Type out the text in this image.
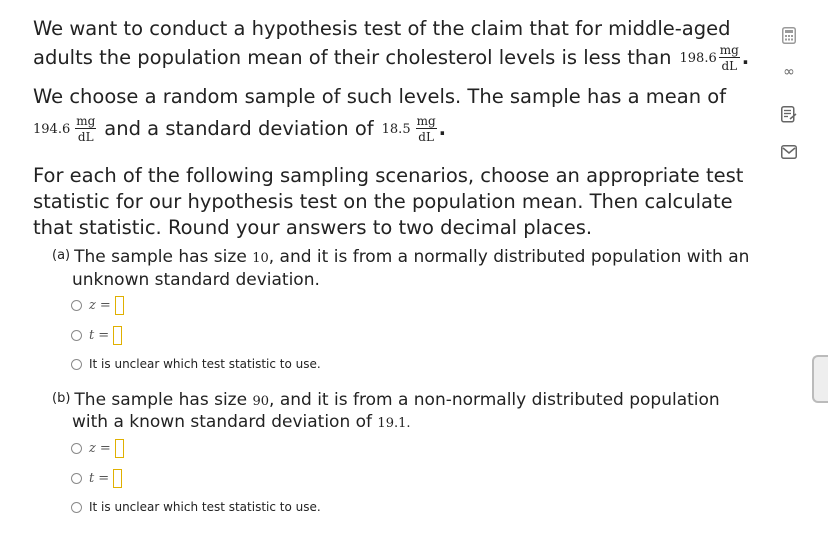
We want to conduct a hypothesis test of the claim that for middle-aged
adults the population mean of their cholesterol levels is less than $198.6 \frac{mg}{dL}$ .
We choose a random sample of such levels. The sample has a mean of
$194.6 \frac{mg}{dL}$ and a standard deviation of $18.5 \frac{mg}{dL}$ .
For each of the following sampling scenarios, choose an appropriate test
statistic for our hypothesis test on the population mean. Then calculate
that statistic. Round your answers to two decimal places.
(a) The sample has size 10, and it is from a normally distributed population with an
unknown standard deviation.
z =
t =
It is unclear which test statistic to use.
(b) The sample has size 90, and it is from a non-normally distributed population
with a known standard deviation of 19.1.
z =
t =
It is unclear which test statistic to use.
∞
